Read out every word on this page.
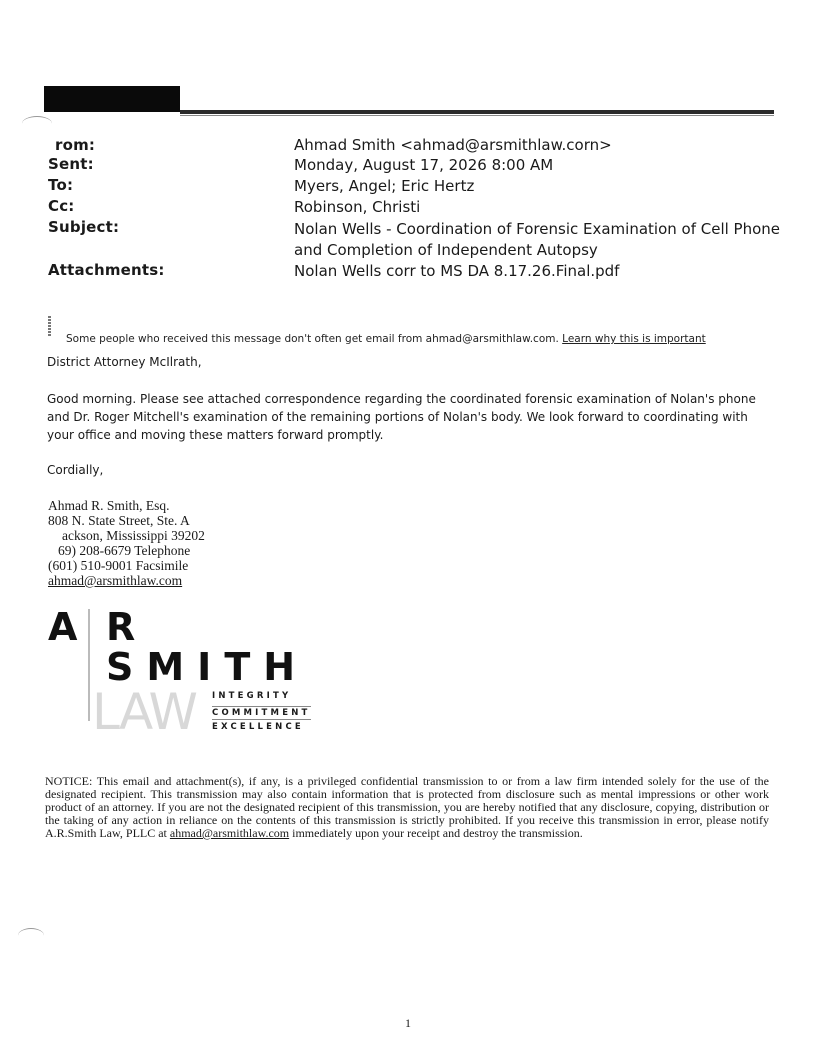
rom:	Ahmad Smith <ahmad@arsmithlaw.corn>
Sent:	Monday, August 17, 2026 8:00 AM
To:	Myers, Angel; Eric Hertz
Cc:	Robinson, Christi
Subject:	Nolan Wells - Coordination of Forensic Examination of Cell Phone
and Completion of Independent Autopsy
Attachments:	Nolan Wells corr to MS DA 8.17.26.Final.pdf
Some people who received this message don't often get email from ahmad@arsmithlaw.com. Learn why this is important
District Attorney McIlrath,
Good morning. Please see attached correspondence regarding the coordinated forensic examination of Nolan's phone
and Dr. Roger Mitchell's examination of the remaining portions of Nolan's body. We look forward to coordinating with
your office and moving these matters forward promptly.
Cordially,
Ahmad R. Smith, Esq.
808 N. State Street, Ste. A
ackson, Mississippi 39202
69) 208-6679 Telephone
(601) 510-9001 Facsimile
ahmad@arsmithlaw.com
A R
SMITH
LAW INTEGRITY
COMMITMENT
EXCELLENCE
NOTICE: This email and attachment(s), if any, is a privileged confidential transmission to or from a law firm intended solely for the use of the designated recipient. This transmission may also contain information that is protected from disclosure such as mental impressions or other work product of an attorney. If you are not the designated recipient of this transmission, you are hereby notified that any disclosure, copying, distribution or the taking of any action in reliance on the contents of this transmission is strictly prohibited. If you receive this transmission in error, please notify A.R.Smith Law, PLLC at ahmad@arsmithlaw.com immediately upon your receipt and destroy the transmission.
1
